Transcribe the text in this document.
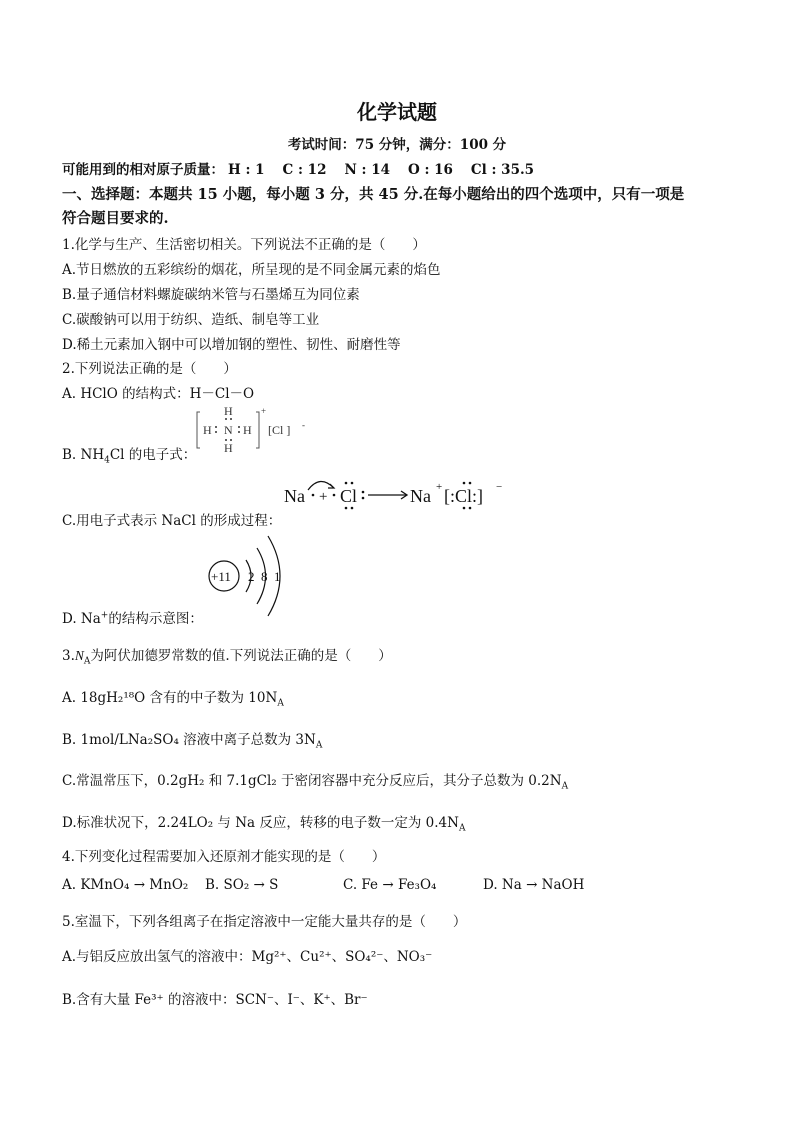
化学试题
考试时间：75 分钟，满分：100 分
可能用到的相对原子质量： H : 1 C : 12 N : 14 O : 16 Cl : 35.5
一、选择题：本题共 15 小题，每小题 3 分，共 45 分.在每小题给出的四个选项中，只有一项是
符合题目要求的.
1.化学与生产、生活密切相关。下列说法不正确的是（　　）
A.节日燃放的五彩缤纷的烟花，所呈现的是不同金属元素的焰色
B.量子通信材料螺旋碳纳米管与石墨烯互为同位素
C.碳酸钠可以用于纺织、造纸、制皂等工业
D.稀土元素加入钢中可以增加钢的塑性、韧性、耐磨性等
2.下列说法正确的是（　　）
A. HClO 的结构式：H－Cl－O
B. $NH_4Cl$ 的电子式：
H
H
H	H
N
+
[Cl ] -
C.用电子式表示 NaCl 的形成过程：
Na + Cl	Na + [:Cl:] −
D. Na+的结构示意图：
+11 2 8 1
$3.N_A$为阿伏加德罗常数的值.下列说法正确的是（　　）
A. 18gH₂¹⁸O 含有的中子数为 $10N_A$
B. 1mol/LNa₂SO₄ 溶液中离子总数为 $3N_A$
C.常温常压下，0.2gH₂ 和 7.1gCl₂ 于密闭容器中充分反应后，其分子总数为 $0.2N_A$
D.标准状况下，2.24LO₂ 与 Na 反应，转移的电子数一定为 $0.4N_A$
4.下列变化过程需要加入还原剂才能实现的是（　　）
A. KMnO₄ → MnO₂ B. SO₂ → S	C. Fe → Fe₃O₄	D. Na → NaOH
5.室温下，下列各组离子在指定溶液中一定能大量共存的是（　　）
A.与铝反应放出氢气的溶液中：Mg²⁺、Cu²⁺、SO₄²⁻、NO₃⁻
B.含有大量 Fe³⁺ 的溶液中：SCN⁻、I⁻、K⁺、Br⁻
